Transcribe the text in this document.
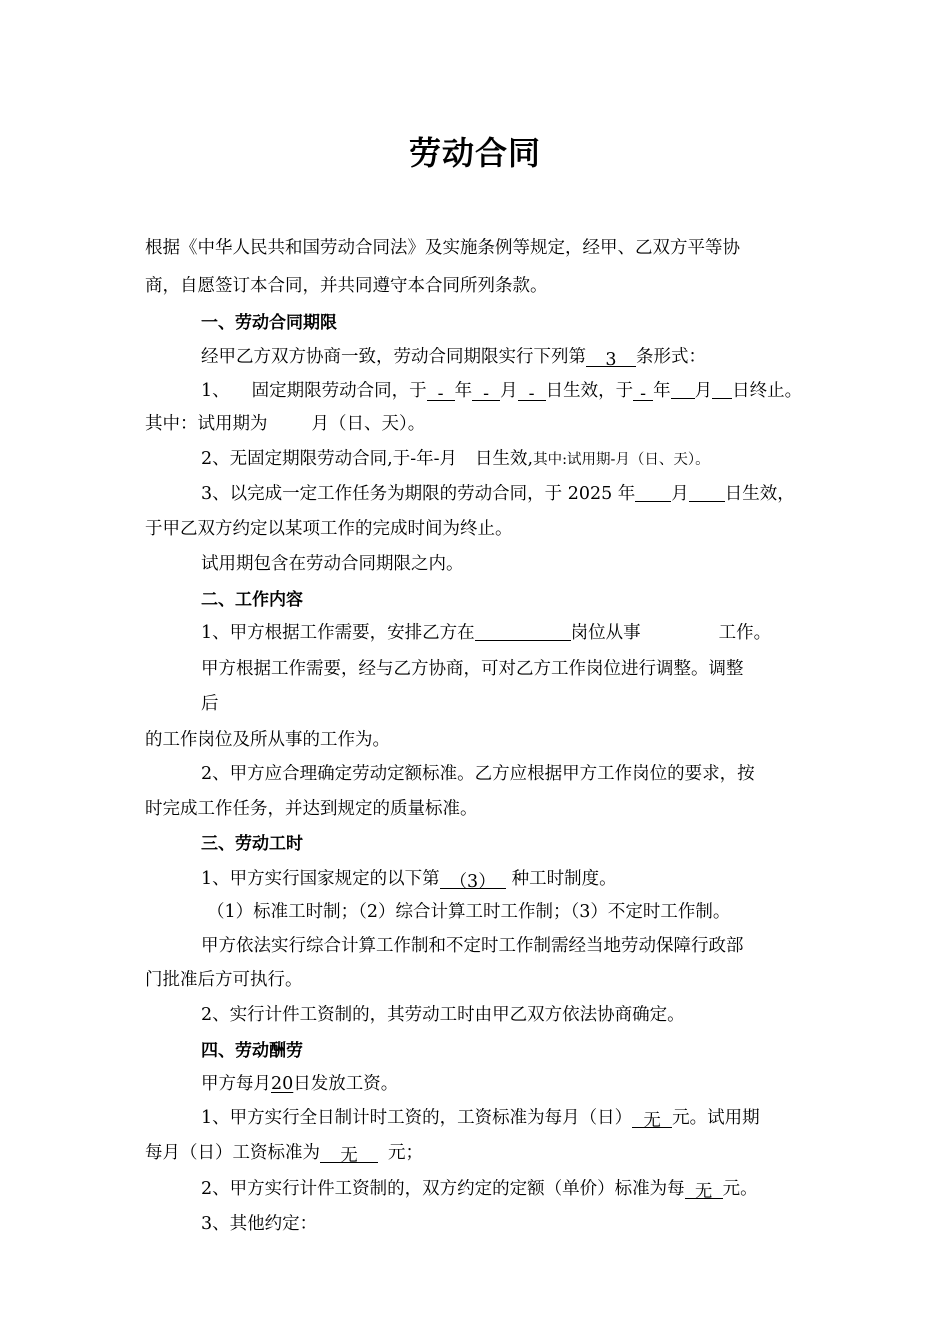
劳动合同
根据《中华人民共和国劳动合同法》及实施条例等规定，经甲、乙双方平等协
商，自愿签订本合同，并共同遵守本合同所列条款。
一、劳动合同期限
经甲乙方双方协商一致，劳动合同期限实行下列第 3 条形式：
1、 固定期限劳动合同，于 - 年 - 月 - 日生效，于 - 年 月 日终止。
其中：试用期为	月（日、天）。
2、无固定期限劳动合同,于-年-月 日生效,其中:试用期-月（日、天）。
3、以完成一定工作任务为期限的劳动合同，于 2025 年 月 日生效，
于甲乙双方约定以某项工作的完成时间为终止。
试用期包含在劳动合同期限之内。
二、工作内容
1、甲方根据工作需要，安排乙方在	岗位从事	工作。
甲方根据工作需要，经与乙方协商，可对乙方工作岗位进行调整。调整
后
的工作岗位及所从事的工作为。
2、甲方应合理确定劳动定额标准。乙方应根据甲方工作岗位的要求，按
时完成工作任务，并达到规定的质量标准。
三、劳动工时
1、甲方实行国家规定的以下第 （3） 种工时制度。
（1）标准工时制；（2）综合计算工时工作制；（3）不定时工作制。
甲方依法实行综合计算工作制和不定时工作制需经当地劳动保障行政部
门批准后方可执行。
2、实行计件工资制的，其劳动工时由甲乙双方依法协商确定。
四、劳动酬劳
甲方每月20日发放工资。
1、甲方实行全日制计时工资的，工资标准为每月（日） 无 元。试用期
每月（日）工资标准为 无 元；
2、甲方实行计件工资制的，双方约定的定额（单价）标准为每 无 元。
3、其他约定：
